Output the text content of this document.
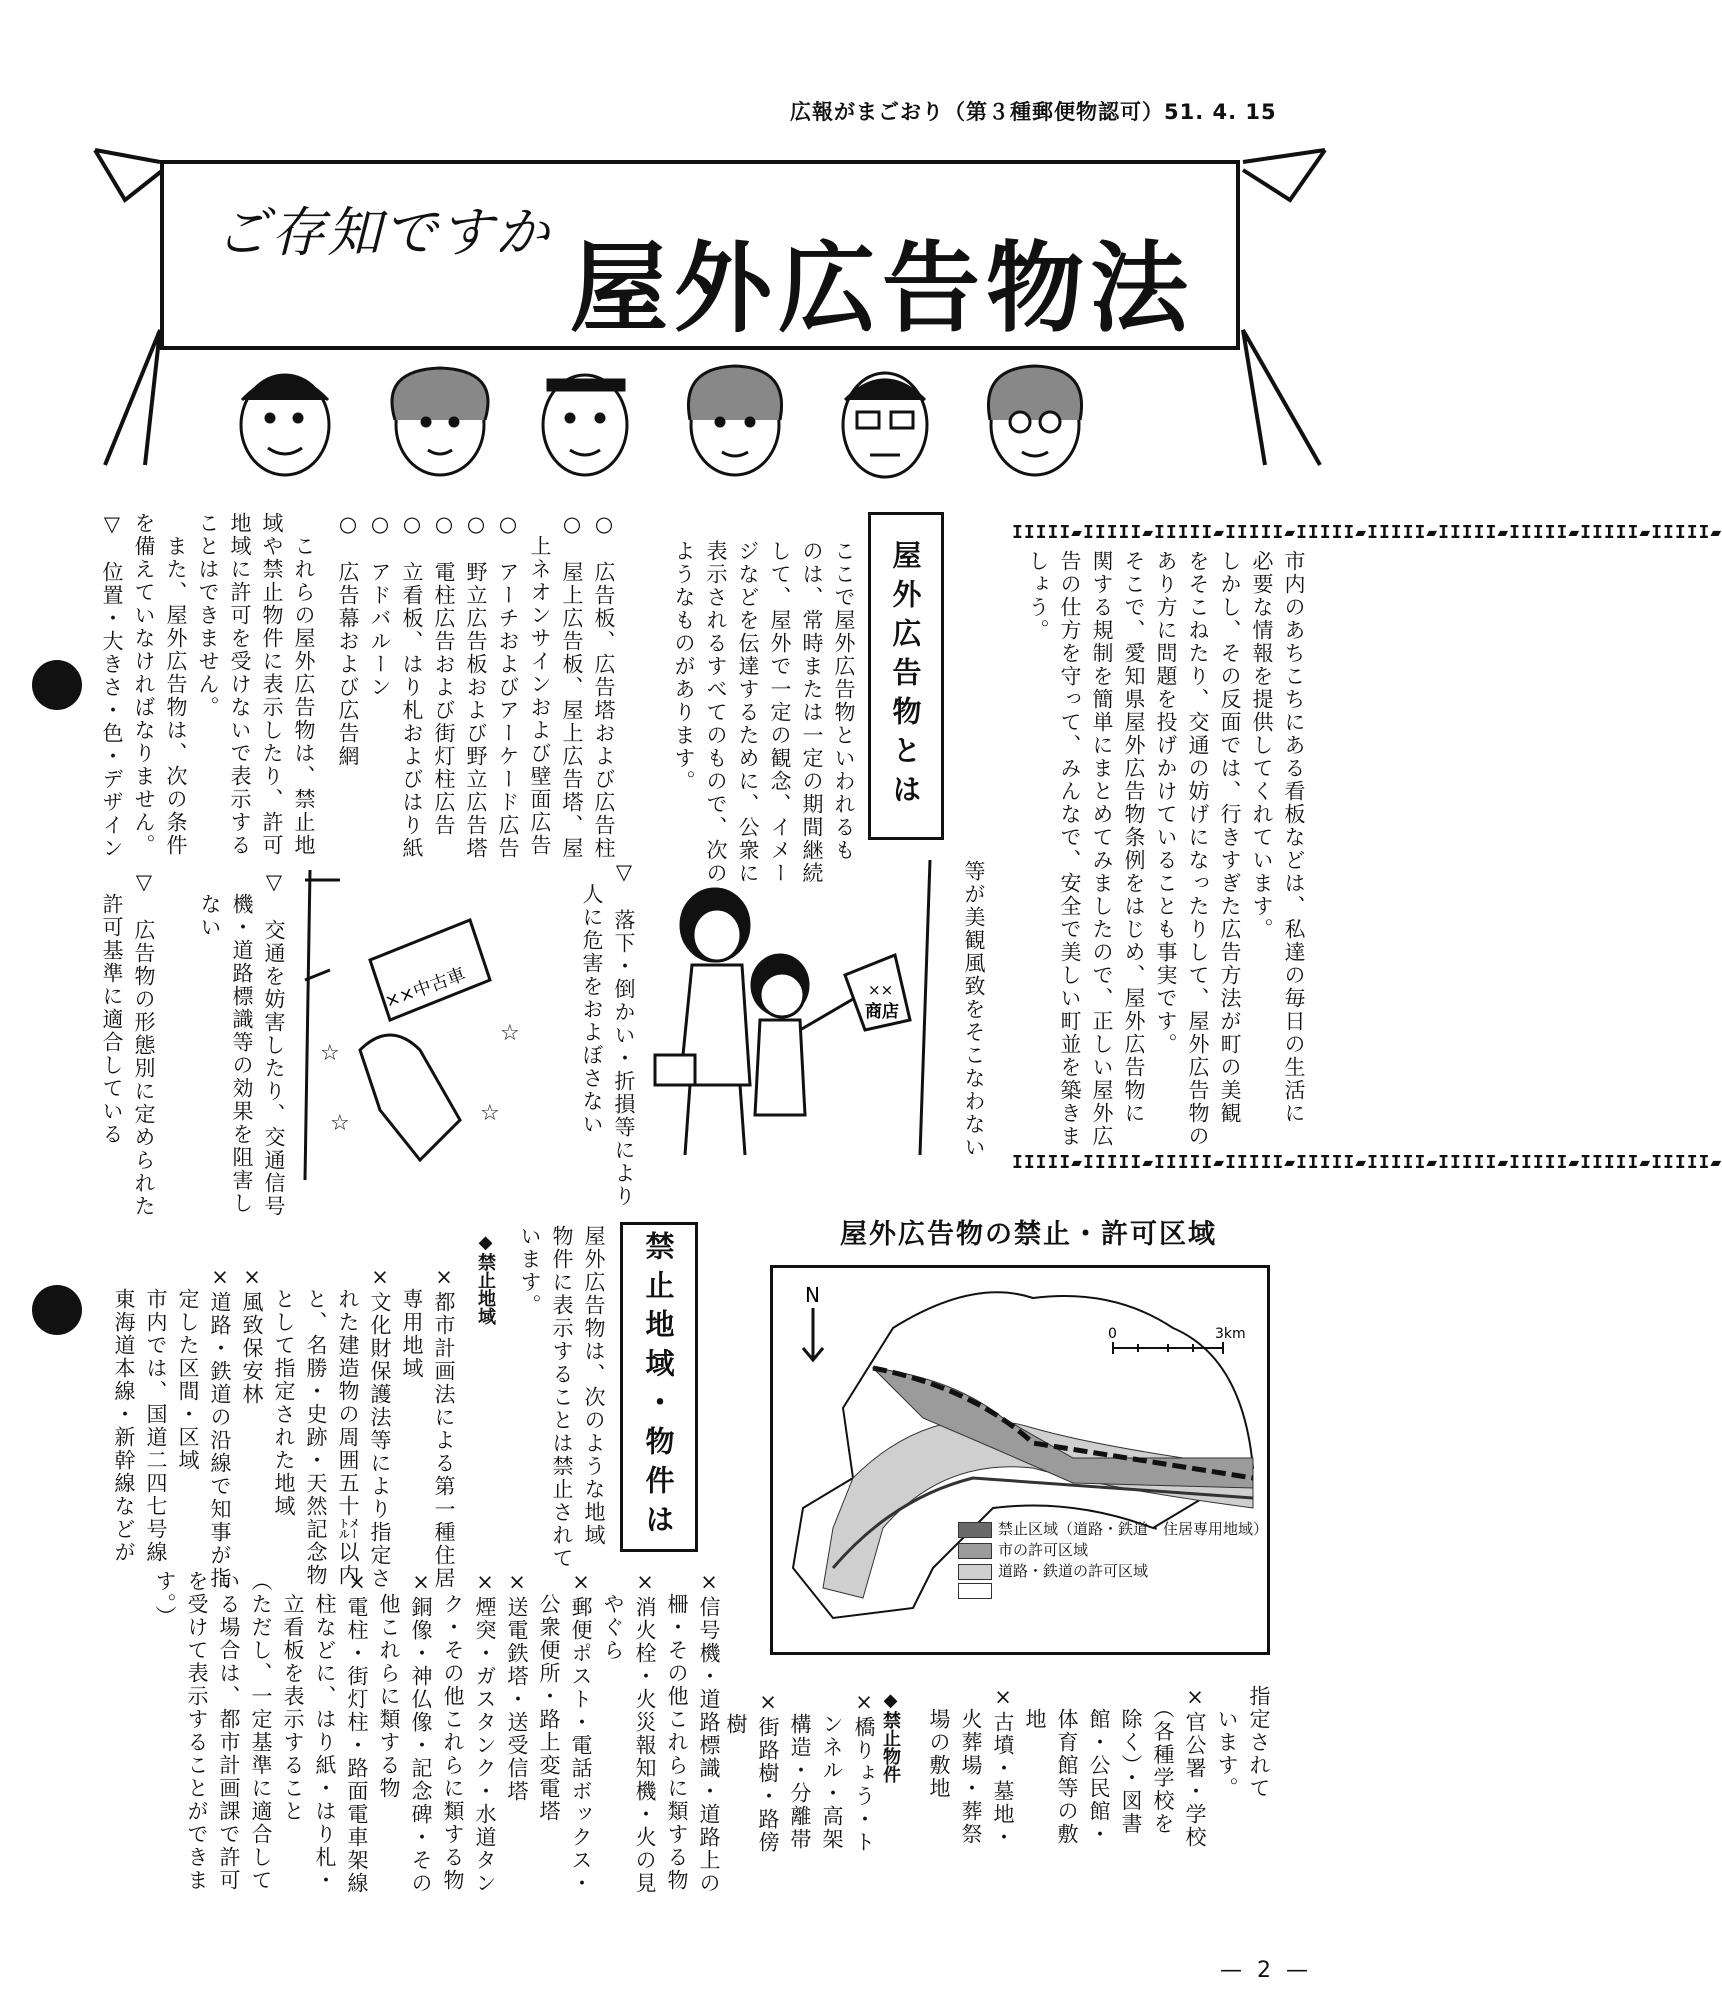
広報がまごおり（第３種郵便物認可）51. 4. 15
ご存知ですか 屋外広告物法
IIIII▰IIIII▰IIIII▰IIIII▰IIIII▰IIIII▰IIIII▰IIIII▰IIIII▰IIIII▰

市内のあちこちにある看板などは、私達の毎日の生活に

必要な情報を提供してくれています。

しかし、その反面では、行きすぎた広告方法が町の美観

をそこねたり、交通の妨げになったりして、屋外広告物の

あり方に問題を投げかけていることも事実です。

そこで、愛知県屋外広告物条例をはじめ、屋外広告物に

関する規制を簡単にまとめてみましたので、正しい屋外広

告の仕方を守って、みんなで、安全で美しい町並を築きま

しょう。

IIIII▰IIIII▰IIIII▰IIIII▰IIIII▰IIIII▰IIIII▰IIIII▰IIIII▰IIIII▰
屋外広告物とは

ここで屋外広告物といわれるも

のは、常時または一定の期間継続

して、屋外で一定の観念、イメー

ジなどを伝達するために、公衆に

表示されるすべてのもので、次の

ようなものがあります。

○　広告板、広告塔および広告柱

○　屋上広告板、屋上広告塔、屋

　上ネオンサインおよび壁面広告

○　アーチおよびアーケード広告

○　野立広告板および野立広告塔

○　電柱広告および街灯柱広告

○　立看板、はり札およびはり紙

○　アドバルーン

○　広告幕および広告網

　これらの屋外広告物は、禁止地

域や禁止物件に表示したり、許可

地域に許可を受けないで表示する

ことはできません。

　また、屋外広告物は、次の条件

を備えていなければなりません。

▽　位置・大きさ・色・デザイン

等が美観風致をそこなわない

▽　落下・倒かい・折損等により

　人に危害をおよぼさない

▽　交通を妨害したり、交通信号

　機・道路標識等の効果を阻害し

　ない

▽　広告物の形態別に定められた

　許可基準に適合している	××
商店
××中古車
☆
☆
☆	☆
屋外広告物の禁止・許可区域
N
0	3km
禁止区域（道路・鉄道・住居専用地域）
市の許可区域
道路・鉄道の許可区域
禁止地域・物件は

屋外広告物は、次のような地域

物件に表示することは禁止されて

います。

◆禁止地域

×都市計画法による第一種住居

　専用地域

×文化財保護法等により指定さ

　れた建造物の周囲五十㍍以内

　と、名勝・史跡・天然記念物

　として指定された地域

×風致保安林

×道路・鉄道の沿線で知事が指

　定した区間・区域

　市内では、国道二四七号線

　東海道本線・新幹線などが

指定されて

　います。

×官公署・学校

　（各種学校を

　除く）・図書

　館・公民館・

　体育館等の敷

　地

×古墳・墓地・

　火葬場・葬祭

　場の敷地

◆禁止物件

×橋りょう・ト

　ンネル・高架

　構造・分離帯

×街路樹・路傍

　樹

×信号機・道路標識・道路上の

　柵・その他これらに類する物

×消火栓・火災報知機・火の見

　やぐら

×郵便ポスト・電話ボックス・

　公衆便所・路上変電塔

×送電鉄塔・送受信塔

×煙突・ガスタンク・水道タン

　ク・その他これらに類する物

×銅像・神仏像・記念碑・その

　他これらに類する物

×電柱・街灯柱・路面電車架線

　柱などに、はり紙・はり札・

　立看板を表示すること

（ただし、一定基準に適合して

いる場合は、都市計画課で許可

を受けて表示することができま

す。）

— 2 —
